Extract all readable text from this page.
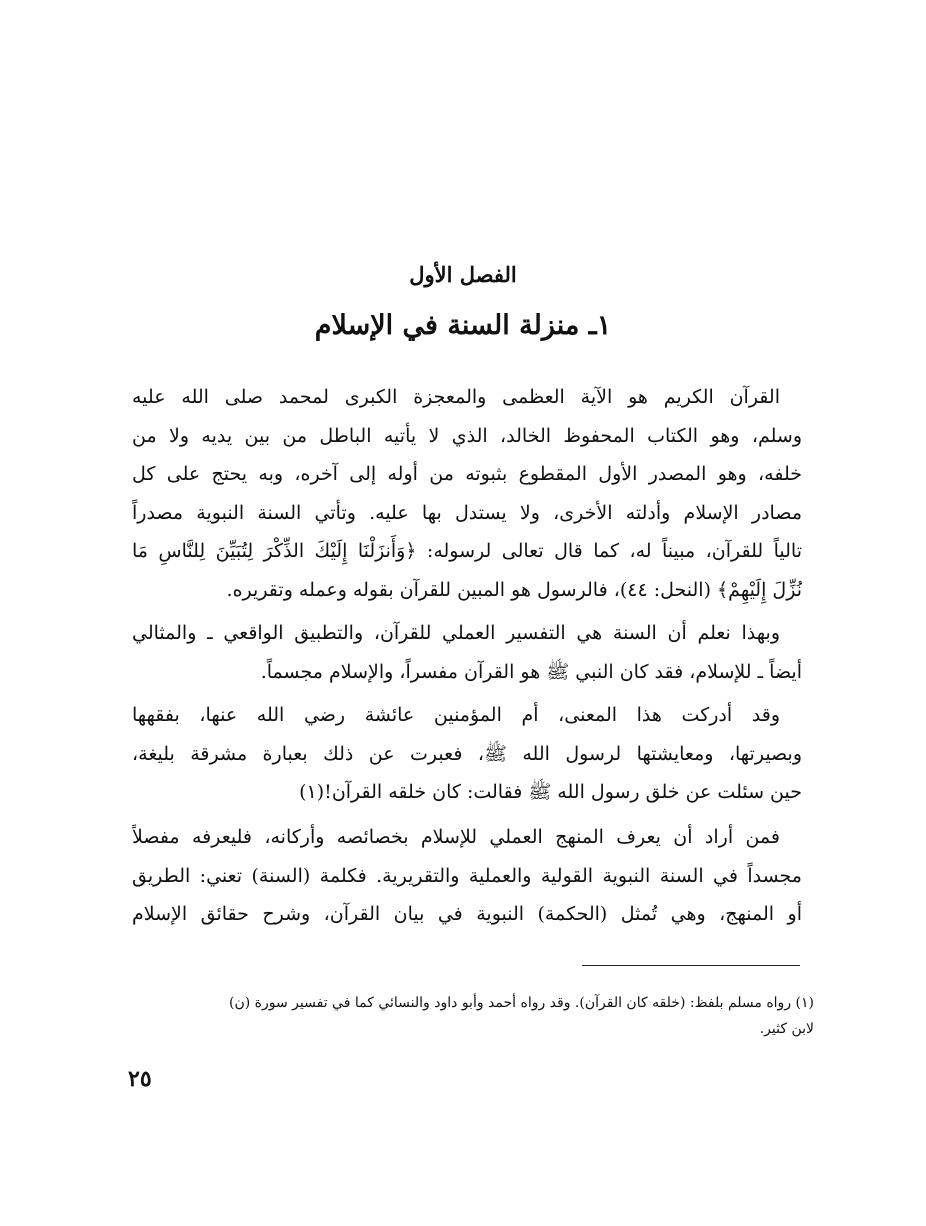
الفصل الأول
١ـ منزلة السنة في الإسلام
القرآن الكريم هو الآية العظمى والمعجزة الكبرى لمحمد صلى الله عليه
وسلم، وهو الكتاب المحفوظ الخالد، الذي لا يأتيه الباطل من بين يديه ولا من
خلفه، وهو المصدر الأول المقطوع بثبوته من أوله إلى آخره، وبه يحتج على كل
مصادر الإسلام وأدلته الأخرى، ولا يستدل بها عليه. وتأتي السنة النبوية مصدراً
تالياً للقرآن، مبيناً له، كما قال تعالى لرسوله: ﴿وَأَنزَلْنَا إِلَيْكَ الذِّكْرَ لِتُبَيِّنَ لِلنَّاسِ مَا
نُزِّلَ إِلَيْهِمْ﴾ (النحل: ٤٤)، فالرسول هو المبين للقرآن بقوله وعمله وتقريره.
وبهذا نعلم أن السنة هي التفسير العملي للقرآن، والتطبيق الواقعي ـ والمثالي
أيضاً ـ للإسلام، فقد كان النبي ﷺ هو القرآن مفسراً، والإسلام مجسماً.
وقد أدركت هذا المعنى، أم المؤمنين عائشة رضي الله عنها، بفقهها
وبصيرتها، ومعايشتها لرسول الله ﷺ، فعبرت عن ذلك بعبارة مشرقة بليغة،
حين سئلت عن خلق رسول الله ﷺ فقالت: كان خلقه القرآن!(١)
فمن أراد أن يعرف المنهج العملي للإسلام بخصائصه وأركانه، فليعرفه مفصلاً
مجسداً في السنة النبوية القولية والعملية والتقريرية. فكلمة (السنة) تعني: الطريق
أو المنهج، وهي تُمثل (الحكمة) النبوية في بيان القرآن، وشرح حقائق الإسلام
(١) رواه مسلم بلفظ: (خلقه كان القرآن). وقد رواه أحمد وأبو داود والنسائي كما في تفسير سورة (ن)
لابن كثير.
٢٥
